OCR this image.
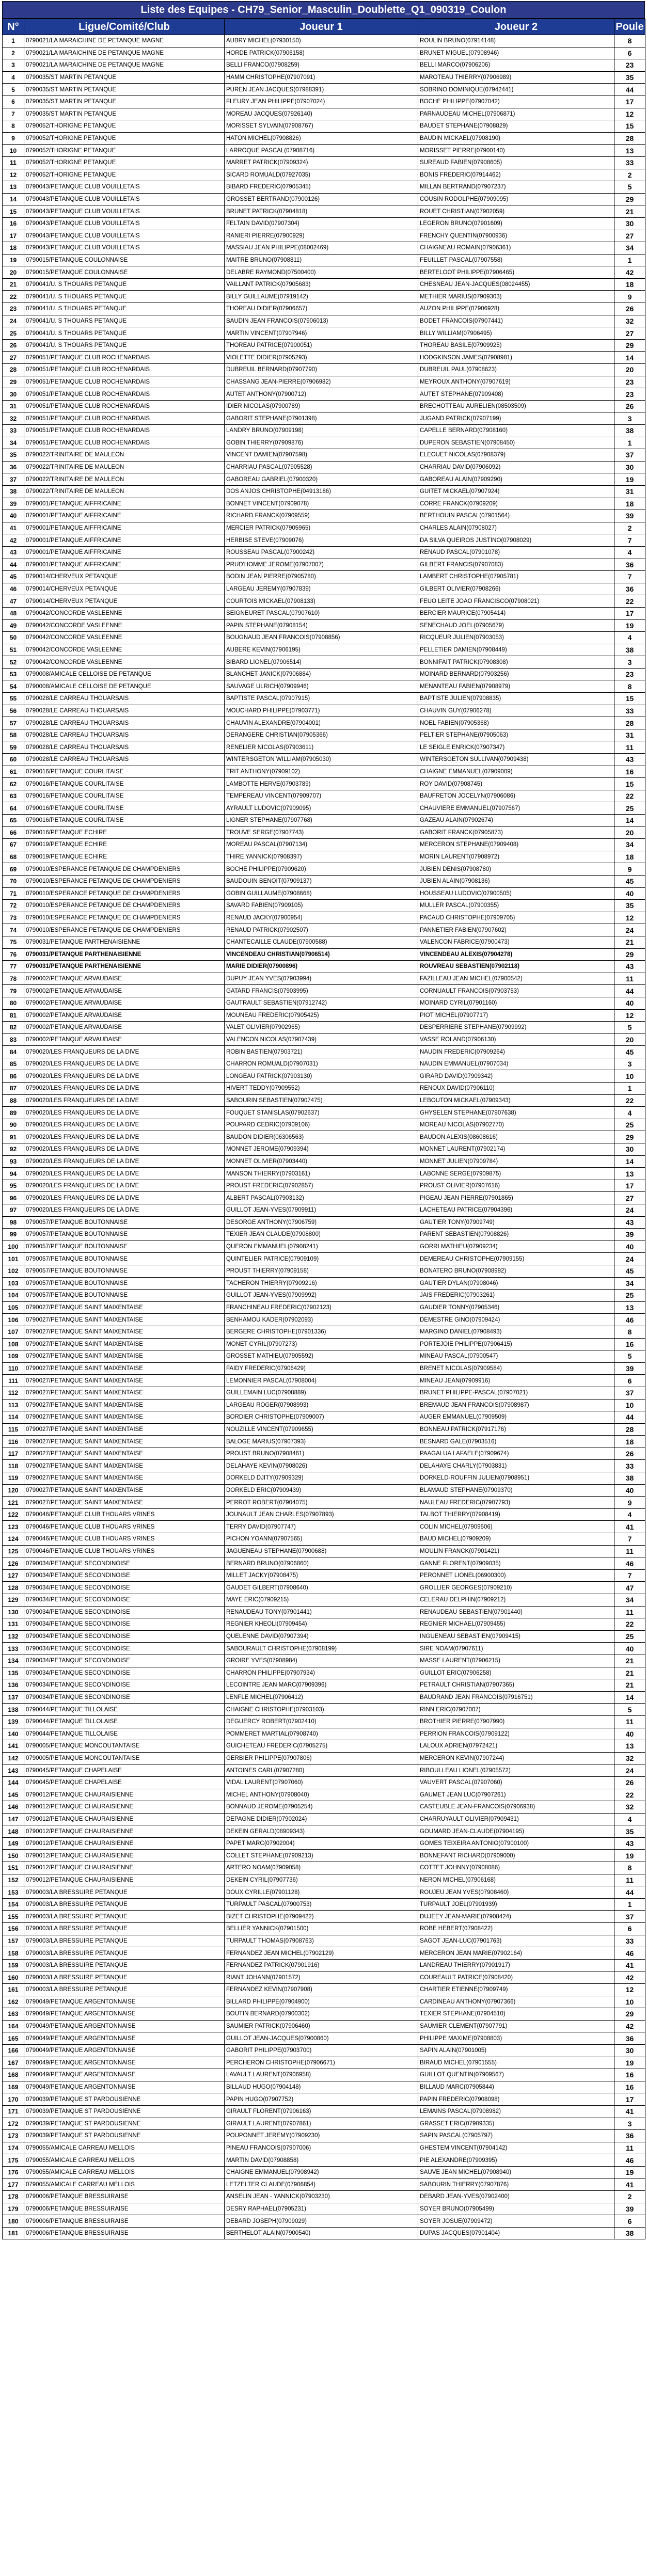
Liste des Equipes - CH79_Senior_Masculin_Doublette_Q1_090319_Coulon
N°	Ligue/Comité/Club	Joueur 1	Joueur 2	Poule
1	0790021/LA MARAICHINE DE PETANQUE MAGNE	AUBRY MICHEL(07930150)	ROULIN BRUNO(07914148)	8
2	0790021/LA MARAICHINE DE PETANQUE MAGNE	HORDE PATRICK(07906158)	BRUNET MIGUEL(07908946)	6
3	0790021/LA MARAICHINE DE PETANQUE MAGNE	BELLI FRANCO(07908259)	BELLI MARCO(07906206)	23
4	0790035/ST MARTIN PETANQUE	HAMM CHRISTOPHE(07907091)	MAROTEAU THIERRY(07906989)	35
5	0790035/ST MARTIN PETANQUE	PUREN JEAN JACQUES(07988391)	SOBRINO DOMINIQUE(07942441)	44
6	0790035/ST MARTIN PETANQUE	FLEURY JEAN PHILIPPE(07907024)	BOCHE PHILIPPE(07907042)	17
7	0790035/ST MARTIN PETANQUE	MOREAU JACQUES(07926140)	PARNAUDEAU MICHEL(07906871)	12
8	0790052/THORIGNE PETANQUE	MORISSET SYLVAIN(07908767)	BAUDET STEPHANE(07908829)	15
9	0790052/THORIGNE PETANQUE	HATON MICHEL(07908826)	BAUDIN MICKAEL(07908190)	28
10	0790052/THORIGNE PETANQUE	LARROQUE PASCAL(07908716)	MORISSET PIERRE(07900140)	13
11	0790052/THORIGNE PETANQUE	MARRET PATRICK(07909324)	SUREAUD FABIEN(07908605)	33
12	0790052/THORIGNE PETANQUE	SICARD ROMUALD(07927035)	BONIS FREDERIC(07914462)	2
13	0790043/PETANQUE CLUB VOUILLETAIS	BIBARD FREDERIC(07905345)	MILLAN BERTRAND(07907237)	5
14	0790043/PETANQUE CLUB VOUILLETAIS	GROSSET BERTRAND(07900126)	COUSIN RODOLPHE(07909095)	29
15	0790043/PETANQUE CLUB VOUILLETAIS	BRUNET PATRICK(07904818)	ROUET CHRISTIAN(07902059)	21
16	0790043/PETANQUE CLUB VOUILLETAIS	FELTAIN DAVID(07907304)	LEGERON BRUNO(07901609)	30
17	0790043/PETANQUE CLUB VOUILLETAIS	RANIERI PIERRE(07900929)	FRENCHY QUENTIN(07900936)	27
18	0790043/PETANQUE CLUB VOUILLETAIS	MASSIAU JEAN PHILIPPE(08002469)	CHAIGNEAU ROMAIN(07906361)	34
19	0790015/PETANQUE COULONNAISE	MAITRE BRUNO(07908811)	FEUILLET PASCAL(07907558)	1
20	0790015/PETANQUE COULONNAISE	DELABRE RAYMOND(07500400)	BERTELOOT PHILIPPE(07906465)	42
21	0790041/U. S THOUARS PETANQUE	VAILLANT PATRICK(07905683)	CHESNEAU JEAN-JACQUES(08024455)	18
22	0790041/U. S THOUARS PETANQUE	BILLY GUILLAUME(07919142)	METHIER MARIUS(07909303)	9
23	0790041/U. S THOUARS PETANQUE	THOREAU DIDIER(07906657)	AUZON PHILIPPE(07906928)	26
24	0790041/U. S THOUARS PETANQUE	BAUDIN JEAN FRANCOIS(07906013)	BODET FRANCOIS(07907441)	32
25	0790041/U. S THOUARS PETANQUE	MARTIN VINCENT(07907946)	BILLY WILLIAM(07906495)	27
26	0790041/U. S THOUARS PETANQUE	THOREAU PATRICE(07900051)	THOREAU BASILE(07909925)	29
27	0790051/PETANQUE CLUB ROCHENARDAIS	VIOLETTE DIDIER(07905293)	HODGKINSON JAMES(07908981)	14
28	0790051/PETANQUE CLUB ROCHENARDAIS	DUBREUIL BERNARD(07907790)	DUBREUIL PAUL(07908623)	20
29	0790051/PETANQUE CLUB ROCHENARDAIS	CHASSANG JEAN-PIERRE(07906982)	MEYROUX ANTHONY(07907619)	23
30	0790051/PETANQUE CLUB ROCHENARDAIS	AUTET ANTHONY(07900712)	AUTET STEPHANE(07909408)	23
31	0790051/PETANQUE CLUB ROCHENARDAIS	IDIER NICOLAS(07900789)	BRECHOTTEAU AURELIEN(08503509)	26
32	0790051/PETANQUE CLUB ROCHENARDAIS	GABORIT STEPHANE(07901398)	JUGAND PATRICK(07907199)	3
33	0790051/PETANQUE CLUB ROCHENARDAIS	LANDRY BRUNO(07909198)	CAPELLE BERNARD(07908160)	38
34	0790051/PETANQUE CLUB ROCHENARDAIS	GOBIN THIERRY(07909876)	DUPERON SEBASTIEN(07908450)	1
35	0790022/TRINITAIRE DE MAULEON	VINCENT DAMIEN(07907598)	ELEOUET NICOLAS(07908379)	37
36	0790022/TRINITAIRE DE MAULEON	CHARRIAU PASCAL(07905528)	CHARRIAU DAVID(07906092)	30
37	0790022/TRINITAIRE DE MAULEON	GABOREAU GABRIEL(07900320)	GABOREAU ALAIN(07909290)	19
38	0790022/TRINITAIRE DE MAULEON	DOS ANJOS CHRISTOPHE(04913186)	GUITET MICKAEL(07907924)	31
39	0790001/PETANQUE AIFFRICAINE	BONNET VINCENT(07909078)	CORRE FRANCK(07909209)	18
40	0790001/PETANQUE AIFFRICAINE	RICHARD FRANCK(07909559)	BERTHOUIN PASCAL(07901564)	39
41	0790001/PETANQUE AIFFRICAINE	MERCIER PATRICK(07905965)	CHARLES ALAIN(07908027)	2
42	0790001/PETANQUE AIFFRICAINE	HERBISE STEVE(07909076)	DA SILVA QUEIROS JUSTINO(07908029)	7
43	0790001/PETANQUE AIFFRICAINE	ROUSSEAU PASCAL(07900242)	RENAUD PASCAL(07901078)	4
44	0790001/PETANQUE AIFFRICAINE	PRUD'HOMME JEROME(07907007)	GILBERT FRANCIS(07907083)	36
45	0790014/CHERVEUX PETANQUE	BODIN JEAN PIERRE(07905780)	LAMBERT CHRISTOPHE(07905781)	7
46	0790014/CHERVEUX PETANQUE	LARGEAU JEREMY(07907839)	GILBERT OLIVIER(07908266)	36
47	0790014/CHERVEUX PETANQUE	COURTOIS MICKAEL(07908133)	FEUO LEITE JOAO FRANCISCO(07908021)	22
48	0790042/CONCORDE VASLEENNE	SEIGNEURET PASCAL(07907610)	BERCIER MAURICE(07905414)	17
49	0790042/CONCORDE VASLEENNE	PAPIN STEPHANE(07908154)	SENECHAUD JOEL(07905679)	19
50	0790042/CONCORDE VASLEENNE	BOUGNAUD JEAN FRANCOIS(07908856)	RICQUEUR JULIEN(07903053)	4
51	0790042/CONCORDE VASLEENNE	AUBERE KEVIN(07906195)	PELLETIER DAMIEN(07908449)	38
52	0790042/CONCORDE VASLEENNE	BIBARD LIONEL(07906514)	BONNIFAIT PATRICK(07908308)	3
53	0790008/AMICALE CELLOISE DE PETANQUE	BLANCHET JANICK(07906884)	MOINARD BERNARD(07903256)	23
54	0790008/AMICALE CELLOISE DE PETANQUE	SAUVAGE ULRICH(07909946)	MENANTEAU FABIEN(07908979)	8
55	0790028/LE CARREAU THOUARSAIS	BAPTISTE PASCAL(07907915)	BAPTISTE JULIEN(07908835)	15
56	0790028/LE CARREAU THOUARSAIS	MOUCHARD PHILIPPE(07903771)	CHAUVIN GUY(07906278)	33
57	0790028/LE CARREAU THOUARSAIS	CHAUVIN ALEXANDRE(07904001)	NOEL FABIEN(07905368)	28
58	0790028/LE CARREAU THOUARSAIS	DERANGERE CHRISTIAN(07905366)	PELTIER STEPHANE(07905063)	31
59	0790028/LE CARREAU THOUARSAIS	RENELIER NICOLAS(07903611)	LE SEIGLE ENRICK(07907347)	11
60	0790028/LE CARREAU THOUARSAIS	WINTERSGETON WILLIAM(07905030)	WINTERSGETON SULLIVAN(07909438)	43
61	0790016/PETANQUE COURLITAISE	TRIT ANTHONY(07909102)	CHAIGNE EMMANUEL(07909009)	16
62	0790016/PETANQUE COURLITAISE	LAMBOTTE HERVE(07903789)	ROY DAVID(07908745)	15
63	0790016/PETANQUE COURLITAISE	TEMPEREAU VINCENT(07909707)	BAUFRETON JOCELYN(07906086)	22
64	0790016/PETANQUE COURLITAISE	AYRAULT LUDOVIC(07909095)	CHAUVIERE EMMANUEL(07907567)	25
65	0790016/PETANQUE COURLITAISE	LIGNER STEPHANE(07907768)	GAZEAU ALAIN(07902674)	14
66	0790016/PETANQUE ECHIRE	TROUVE SERGE(07907743)	GABORIT FRANCK(07905873)	20
67	0790019/PETANQUE ECHIRE	MOREAU PASCAL(07907134)	MERCERON STEPHANE(07909408)	34
68	0790019/PETANQUE ECHIRE	THIRE YANNICK(07908397)	MORIN LAURENT(07908972)	18
69	0790010/ESPERANCE PETANQUE DE CHAMPDENIERS	BOCHE PHILIPPE(07909620)	JUBIEN DENIS(07908780)	9
70	0790010/ESPERANCE PETANQUE DE CHAMPDENIERS	BAUDOUIN BENOIT(07909137)	JUBIEN ALAIN(07908136)	45
71	0790010/ESPERANCE PETANQUE DE CHAMPDENIERS	GOBIN GUILLAUME(07908668)	HOUSSEAU LUDOVIC(07900505)	40
72	0790010/ESPERANCE PETANQUE DE CHAMPDENIERS	SAVARD FABIEN(07909105)	MULLER PASCAL(07900355)	35
73	0790010/ESPERANCE PETANQUE DE CHAMPDENIERS	RENAUD JACKY(07900954)	PACAUD CHRISTOPHE(07909705)	12
74	0790010/ESPERANCE PETANQUE DE CHAMPDENIERS	RENAUD PATRICK(07902507)	PANNETIER FABIEN(07907602)	24
75	0790031/PETANQUE PARTHENAISIENNE	CHANTECAILLE CLAUDE(07900588)	VALENCON FABRICE(07900473)	21
76	0790031/PETANQUE PARTHENAISIENNE	VINCENDEAU CHRISTIAN(07906514)	VINCENDEAU ALEXIS(07904278)	29
77	0790031/PETANQUE PARTHENAISIENNE	MARIE DIDIER(07900896)	ROUVREAU SEBASTIEN(07902118)	43
78	0790002/PETANQUE ARVAUDAISE	DUPUY JEAN YVES(07903994)	FAZILLEAU JEAN MICHEL(07900542)	11
79	0790002/PETANQUE ARVAUDAISE	GATARD FRANCIS(07903995)	CORNUAULT FRANCOIS(07903753)	44
80	0790002/PETANQUE ARVAUDAISE	GAUTRAULT SEBASTIEN(07912742)	MOINARD CYRIL(07901160)	40
81	0790002/PETANQUE ARVAUDAISE	MOUNEAU FREDERIC(07905425)	PIOT MICHEL(07907717)	12
82	0790002/PETANQUE ARVAUDAISE	VALET OLIVIER(07902965)	DESPERRIERE STEPHANE(07909992)	5
83	0790002/PETANQUE ARVAUDAISE	VALENCON NICOLAS(07907439)	VASSE ROLAND(07906130)	20
84	0790020/LES FRANQUEURS DE LA DIVE	ROBIN BASTIEN(07903721)	NAUDIN FREDERIC(07909264)	45
85	0790020/LES FRANQUEURS DE LA DIVE	CHARRON ROMUALD(07907031)	NAUDIN EMMANUEL(07907034)	3
86	0790020/LES FRANQUEURS DE LA DIVE	LONGEAU PATRICK(07903130)	GIRARD DAVID(07909342)	10
87	0790020/LES FRANQUEURS DE LA DIVE	HIVERT TEDDY(07909552)	RENOUX DAVID(07906110)	1
88	0790020/LES FRANQUEURS DE LA DIVE	SABOURIN SEBASTIEN(07907475)	LEBOUTON MICKAEL(07909343)	22
89	0790020/LES FRANQUEURS DE LA DIVE	FOUQUET STANISLAS(07902637)	GHYSELEN STEPHANE(07907638)	4
90	0790020/LES FRANQUEURS DE LA DIVE	POUPARD CEDRIC(07909106)	MOREAU NICOLAS(07902770)	25
91	0790020/LES FRANQUEURS DE LA DIVE	BAUDON DIDIER(06306563)	BAUDON ALEXIS(08608616)	29
92	0790020/LES FRANQUEURS DE LA DIVE	MONNET JEROME(07909394)	MONNET LAURENT(07902174)	30
93	0790020/LES FRANQUEURS DE LA DIVE	MONNET OLIVIER(07903440)	MONNET JULIEN(07909784)	14
94	0790020/LES FRANQUEURS DE LA DIVE	MANSON THIERRY(07903161)	LABONNE SERGE(07909875)	13
95	0790020/LES FRANQUEURS DE LA DIVE	PROUST FREDERIC(07902857)	PROUST OLIVIER(07907616)	17
96	0790020/LES FRANQUEURS DE LA DIVE	ALBERT PASCAL(07903132)	PIGEAU JEAN PIERRE(07901865)	27
97	0790020/LES FRANQUEURS DE LA DIVE	GUILLOT JEAN-YVES(07909911)	LACHETEAU PATRICE(07904396)	24
98	0790057/PETANQUE BOUTONNAISE	DESORGE ANTHONY(07906759)	GAUTIER TONY(07909749)	43
99	0790057/PETANQUE BOUTONNAISE	TEXIER JEAN CLAUDE(07908800)	PARENT SEBASTIEN(07908826)	39
100	0790057/PETANQUE BOUTONNAISE	QUERON EMMANUEL(07908241)	GORRI MATHIEU(07909234)	40
101	0790057/PETANQUE BOUTONNAISE	QUINTELIER PATRICE(07909109)	DEMEREAU CHRISTOPHE(07909155)	24
102	0790057/PETANQUE BOUTONNAISE	PROUST THIERRY(07909158)	BONATERO BRUNO(07908992)	45
103	0790057/PETANQUE BOUTONNAISE	TACHERON THIERRY(07909216)	GAUTIER DYLAN(07908046)	34
104	0790057/PETANQUE BOUTONNAISE	GUILLOT JEAN-YVES(07909992)	JAIS FREDERIC(07903261)	25
105	0790027/PETANQUE SAINT MAIXENTAISE	FRANCHINEAU FREDERIC(07902123)	GAUDIER TONNY(07905346)	13
106	0790027/PETANQUE SAINT MAIXENTAISE	BENHAMOU KADER(07902093)	DEMESTRE GINO(07909424)	46
107	0790027/PETANQUE SAINT MAIXENTAISE	BERGERE CHRISTOPHE(07901336)	MARGINO DANIEL(07908493)	8
108	0790027/PETANQUE SAINT MAIXENTAISE	MONET CYRIL(07907273)	PORTEJOIE PHILIPPE(07906415)	16
109	0790027/PETANQUE SAINT MAIXENTAISE	GROSSET MATHIEU(07905592)	MINEAU PASCAL(07900547)	5
110	0790027/PETANQUE SAINT MAIXENTAISE	FAIDY FREDERIC(07906429)	BRENET NICOLAS(07909584)	39
111	0790027/PETANQUE SAINT MAIXENTAISE	LEMONNIER PASCAL(07908004)	MINEAU JEAN(07909916)	6
112	0790027/PETANQUE SAINT MAIXENTAISE	GUILLEMAIN LUC(07908889)	BRUNET PHILIPPE-PASCAL(07907021)	37
113	0790027/PETANQUE SAINT MAIXENTAISE	LARGEAU ROGER(07908993)	BREMAUD JEAN FRANCOIS(07908987)	10
114	0790027/PETANQUE SAINT MAIXENTAISE	BORDIER CHRISTOPHE(07909007)	AUGER EMMANUEL(07909509)	44
115	0790027/PETANQUE SAINT MAIXENTAISE	NOUZILLE VINCENT(07909655)	BONNEAU PATRICK(07917176)	28
116	0790027/PETANQUE SAINT MAIXENTAISE	BALOGE MARIUS(07907393)	BESNARD GALE(07903516)	18
117	0790027/PETANQUE SAINT MAIXENTAISE	PROUST BRUNO(07908461)	PAAGALUA LAFAELE(07909674)	26
118	0790027/PETANQUE SAINT MAIXENTAISE	DELAHAYE KEVIN(07908026)	DELAHAYE CHARLY(07903831)	33
119	0790027/PETANQUE SAINT MAIXENTAISE	DORKELD DJITY(07909329)	DORKELD-ROUFFIN JULIEN(07908951)	38
120	0790027/PETANQUE SAINT MAIXENTAISE	DORKELD ERIC(07909439)	BLAMAUD STEPHANE(07909370)	40
121	0790027/PETANQUE SAINT MAIXENTAISE	PERROT ROBERT(07904075)	NAULEAU FREDERIC(07907793)	9
122	0790046/PETANQUE CLUB THOUARS VRINES	JOUNAULT JEAN CHARLES(07907893)	TALBOT THIERRY(07908419)	4
123	0790046/PETANQUE CLUB THOUARS VRINES	TERRY DAVID(07907747)	COLIN MICHEL(07909506)	41
124	0790046/PETANQUE CLUB THOUARS VRINES	PICHON YOANN(07907565)	BAUD MICHEL(07909209)	7
125	0790046/PETANQUE CLUB THOUARS VRINES	JAGUENEAU STEPHANE(07900688)	MOULIN FRANCK(07901421)	11
126	0790034/PETANQUE SECONDINOISE	BERNARD BRUNO(07906860)	GANNE FLORENT(07909035)	46
127	0790034/PETANQUE SECONDINOISE	MILLET JACKY(07908475)	PERONNET LIONEL(06900300)	7
128	0790034/PETANQUE SECONDINOISE	GAUDET GILBERT(07908640)	GROLLIER GEORGES(07909210)	47
129	0790034/PETANQUE SECONDINOISE	MAYE ERIC(07909215)	CELERAU DELPHIN(07909212)	34
130	0790034/PETANQUE SECONDINOISE	RENAUDEAU TONY(07901441)	RENAUDEAU SEBASTIEN(07901440)	11
131	0790034/PETANQUE SECONDINOISE	REGNIER KHEOLI(07909454)	REGNIER MICHAEL(07909455)	22
132	0790034/PETANQUE SECONDINOISE	QUELENNE DAVID(07907394)	INGUENEAU SEBASTIEN(07909415)	25
133	0790034/PETANQUE SECONDINOISE	SABOURAULT CHRISTOPHE(07908199)	SIRE NOAM(07907611)	40
134	0790034/PETANQUE SECONDINOISE	GROIRE YVES(07908984)	MASSE LAURENT(07906215)	21
135	0790034/PETANQUE SECONDINOISE	CHARRON PHILIPPE(07907934)	GUILLOT ERIC(07906258)	21
136	0790034/PETANQUE SECONDINOISE	LECOINTRE JEAN MARC(07909396)	PETRAULT CHRISTIAN(07907365)	21
137	0790034/PETANQUE SECONDINOISE	LENFLE MICHEL(07906412)	BAUDRAND JEAN FRANCOIS(07916751)	14
138	0790044/PETANQUE TILLOLAISE	CHAIGNE CHRISTOPHE(07903103)	RINN ERIC(07907007)	5
139	0790044/PETANQUE TILLOLAISE	DEGUERCY ROBERT(07902410)	BROTHIER PIERRE(07907990)	11
140	0790044/PETANQUE TILLOLAISE	POMMERET MARTIAL(07908740)	PERRION FRANCOIS(07909122)	40
141	0790005/PETANQUE MONCOUTANTAISE	GUICHETEAU FREDERIC(07905275)	LALOUX ADRIEN(07972421)	13
142	0790005/PETANQUE MONCOUTANTAISE	GERBIER PHILIPPE(07907806)	MERCERON KEVIN(07907244)	32
143	0790045/PETANQUE CHAPELAISE	ANTOINES CARL(07907280)	RIBOULLEAU LIONEL(07905572)	24
144	0790045/PETANQUE CHAPELAISE	VIDAL LAURENT(07907060)	VAUVERT PASCAL(07907060)	26
145	0790012/PETANQUE CHAURAISIENNE	MICHEL ANTHONY(07908040)	GAUMET JEAN LUC(07907261)	22
146	0790012/PETANQUE CHAURAISIENNE	BONNAUD JEROME(07905254)	CASTEUBLE JEAN-FRANCOIS(07906938)	32
147	0790012/PETANQUE CHAURAISIENNE	DEPAGNE DIDIER(07902024)	CHARRUYAULT OLIVIER(07909431)	4
148	0790012/PETANQUE CHAURAISIENNE	DEKEIN GERALD(08909343)	GOUMARD JEAN-CLAUDE(07904195)	35
149	0790012/PETANQUE CHAURAISIENNE	PAPET MARC(07902004)	GOMES TEIXEIRA ANTONIO(07900100)	43
150	0790012/PETANQUE CHAURAISIENNE	COLLET STEPHANE(07909213)	BONNEFANT RICHARD(07909000)	19
151	0790012/PETANQUE CHAURAISIENNE	ARTERO NOAM(07909058)	COTTET JOHNNY(07908086)	8
152	0790012/PETANQUE CHAURAISIENNE	DEKEIN CYRIL(07907736)	NERON MICHEL(07906168)	11
153	0790003/LA BRESSUIRE PETANQUE	DOUX CYRILLE(07901128)	ROUJEU JEAN YVES(07908460)	44
154	0790003/LA BRESSUIRE PETANQUE	TURPAULT PASCAL(07900753)	TURPAULT JOEL(07901939)	1
155	0790003/LA BRESSUIRE PETANQUE	BIZET CHRISTOPHE(07909422)	DUJEEY JEAN-MARIE(07908424)	37
156	0790003/LA BRESSUIRE PETANQUE	BELLIER YANNICK(07901500)	ROBE HEBERT(07908422)	6
157	0790003/LA BRESSUIRE PETANQUE	TURPAULT THOMAS(07908763)	SAGOT JEAN-LUC(07901763)	33
158	0790003/LA BRESSUIRE PETANQUE	FERNANDEZ JEAN MICHEL(07902129)	MERCERON JEAN MARIE(07902164)	46
159	0790003/LA BRESSUIRE PETANQUE	FERNANDEZ PATRICK(07901916)	LANDREAU THIERRY(07901917)	41
160	0790003/LA BRESSUIRE PETANQUE	RIANT JOHANN(07901572)	COUREAULT PATRICE(07908420)	42
161	0790003/LA BRESSUIRE PETANQUE	FERNANDEZ KEVIN(07907908)	CHARTIER ETIENNE(07909749)	12
162	0790049/PETANQUE ARGENTONNAISE	BILLARD PHILIPPE(07904900)	CARDINEAU ANTHONY(07907366)	10
163	0790049/PETANQUE ARGENTONNAISE	BOUTIN BERNARD(07900302)	TEXIER STEPHANE(07904510)	29
164	0790049/PETANQUE ARGENTONNAISE	SAUMIER PATRICK(07906460)	SAUMIER CLEMENT(07907791)	42
165	0790049/PETANQUE ARGENTONNAISE	GUILLOT JEAN-JACQUES(07900860)	PHILIPPE MAXIME(07908803)	36
166	0790049/PETANQUE ARGENTONNAISE	GABORIT PHILIPPE(07903700)	SAPIN ALAIN(07901005)	30
167	0790049/PETANQUE ARGENTONNAISE	PERCHERON CHRISTOPHE(07906671)	BIRAUD MICHEL(07901555)	19
168	0790049/PETANQUE ARGENTONNAISE	LAVAULT LAURENT(07906958)	GUILLOT QUENTIN(07909567)	16
169	0790049/PETANQUE ARGENTONNAISE	BILLAUD HUGO(07904148)	BILLAUD MARC(07905844)	16
170	0790039/PETANQUE ST PARDOUSIENNE	PAPIN HUGO(07907752)	PAPIN FREDERIC(07908098)	17
171	0790039/PETANQUE ST PARDOUSIENNE	GIRAULT FLORENT(07906163)	LEMAINS PASCAL(07908982)	41
172	0790039/PETANQUE ST PARDOUSIENNE	GIRAULT LAURENT(07907861)	GRASSET ERIC(07909335)	3
173	0790039/PETANQUE ST PARDOUSIENNE	POUPONNET JEREMY(07909230)	SAPIN PASCAL(07905797)	36
174	0790055/AMICALE CARREAU MELLOIS	PINEAU FRANCOIS(07907006)	GHESTEM VINCENT(07904142)	11
175	0790055/AMICALE CARREAU MELLOIS	MARTIN DAVID(07908858)	PIE ALEXANDRE(07909395)	46
176	0790055/AMICALE CARREAU MELLOIS	CHAIGNE EMMANUEL(07908942)	SAUVE JEAN MICHEL(07908940)	19
177	0790055/AMICALE CARREAU MELLOIS	LETZELTER CLAUDE(07906854)	SABOURIN THIERRY(07907876)	41
178	0790006/PETANQUE BRESSUIRAISE	ANSELIN JEAN - YANNICK(07903230)	DEBARD JEAN-YVES(07902400)	2
179	0790006/PETANQUE BRESSUIRAISE	DESRY RAPHAEL(07905231)	SOYER BRUNO(07905499)	39
180	0790006/PETANQUE BRESSUIRAISE	DEBARD JOSEPH(07909029)	SOYER JOSUE(07909472)	6
181	0790006/PETANQUE BRESSUIRAISE	BERTHELOT ALAIN(07900540)	DUPAS JACQUES(07901404)	38
